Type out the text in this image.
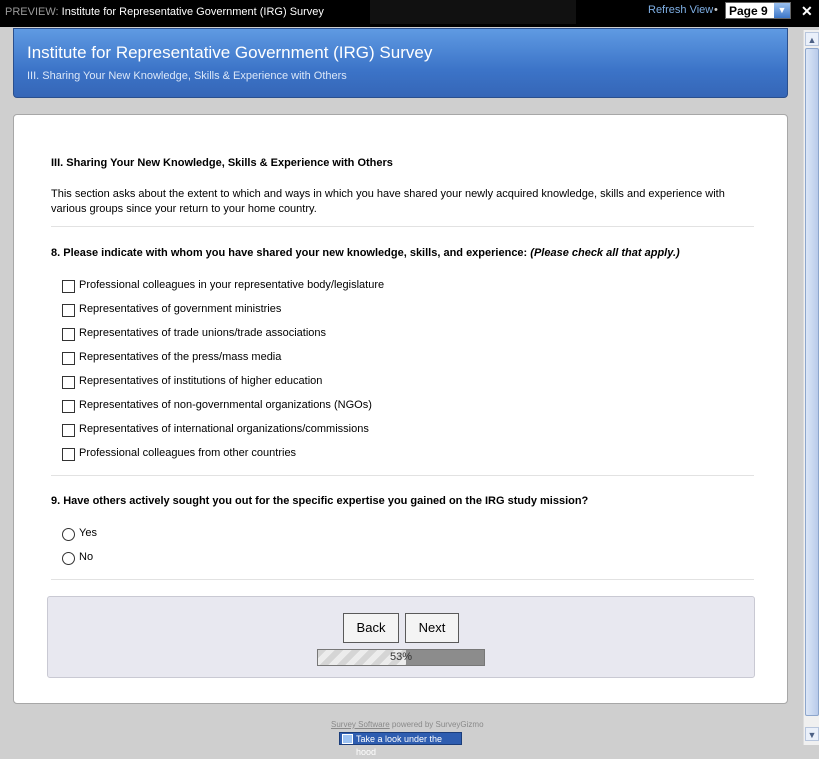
PREVIEW: Institute for Representative Government (IRG) Survey	Refresh View • Page 9	▼ ✕
Institute for Representative Government (IRG) Survey
III. Sharing Your New Knowledge, Skills & Experience with Others
III. Sharing Your New Knowledge, Skills & Experience with Others
This section asks about the extent to which and ways in which you have shared your newly acquired knowledge, skills and experience with various groups since your return to your home country.
8. Please indicate with whom you have shared your new knowledge, skills, and experience: (Please check all that apply.)
Professional colleagues in your representative body/legislature
Representatives of government ministries
Representatives of trade unions/trade associations
Representatives of the press/mass media
Representatives of institutions of higher education
Representatives of non-governmental organizations (NGOs)
Representatives of international organizations/commissions
Professional colleagues from other countries
9. Have others actively sought you out for the specific expertise you gained on the IRG study mission?
Yes
No
Back	Next
53%
Survey Software powered by SurveyGizmo
Take a look under the hood
▲
▼
